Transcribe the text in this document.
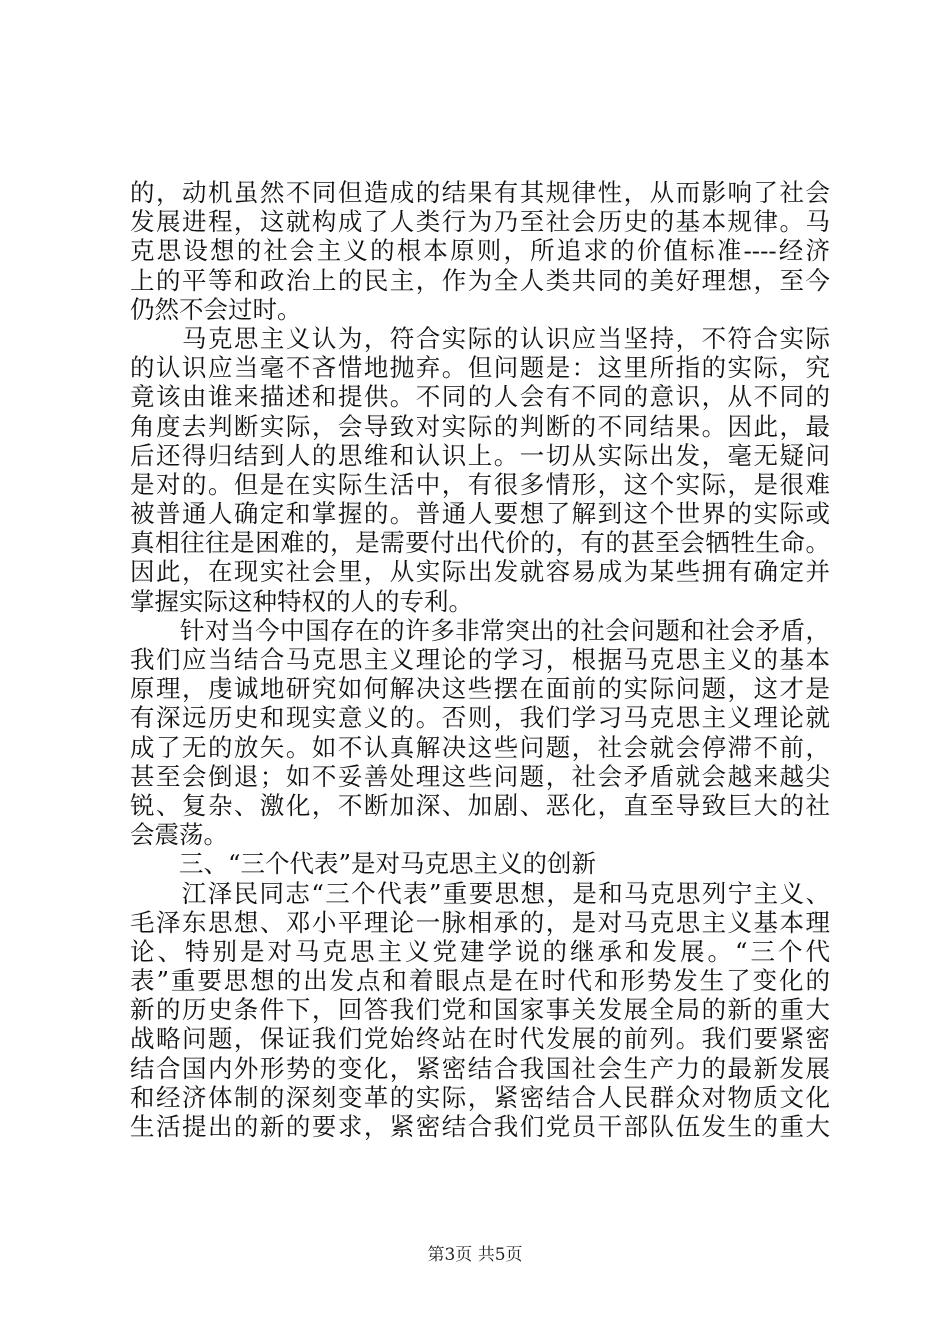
的，动机虽然不同但造成的结果有其规律性，从而影响了社会
发展进程，这就构成了人类行为乃至社会历史的基本规律。马
克思设想的社会主义的根本原则，所追求的价值标准----经济
上的平等和政治上的民主，作为全人类共同的美好理想，至今
仍然不会过时。
　　马克思主义认为，符合实际的认识应当坚持，不符合实际
的认识应当毫不吝惜地抛弃。但问题是：这里所指的实际，究
竟该由谁来描述和提供。不同的人会有不同的意识，从不同的
角度去判断实际，会导致对实际的判断的不同结果。因此，最
后还得归结到人的思维和认识上。一切从实际出发，毫无疑问
是对的。但是在实际生活中，有很多情形，这个实际，是很难
被普通人确定和掌握的。普通人要想了解到这个世界的实际或
真相往往是困难的，是需要付出代价的，有的甚至会牺牲生命。
因此，在现实社会里，从实际出发就容易成为某些拥有确定并
掌握实际这种特权的人的专利。
　　针对当今中国存在的许多非常突出的社会问题和社会矛盾，
我们应当结合马克思主义理论的学习，根据马克思主义的基本
原理，虔诚地研究如何解决这些摆在面前的实际问题，这才是
有深远历史和现实意义的。否则，我们学习马克思主义理论就
成了无的放矢。如不认真解决这些问题，社会就会停滞不前，
甚至会倒退；如不妥善处理这些问题，社会矛盾就会越来越尖
锐、复杂、激化，不断加深、加剧、恶化，直至导致巨大的社
会震荡。
　　三、“三个代表”是对马克思主义的创新
　　江泽民同志“三个代表”重要思想，是和马克思列宁主义、
毛泽东思想、邓小平理论一脉相承的，是对马克思主义基本理
论、特别是对马克思主义党建学说的继承和发展。“三个代
表”重要思想的出发点和着眼点是在时代和形势发生了变化的
新的历史条件下，回答我们党和国家事关发展全局的新的重大
战略问题，保证我们党始终站在时代发展的前列。我们要紧密
结合国内外形势的变化，紧密结合我国社会生产力的最新发展
和经济体制的深刻变革的实际，紧密结合人民群众对物质文化
生活提出的新的要求，紧密结合我们党员干部队伍发生的重大
第3页 共5页
